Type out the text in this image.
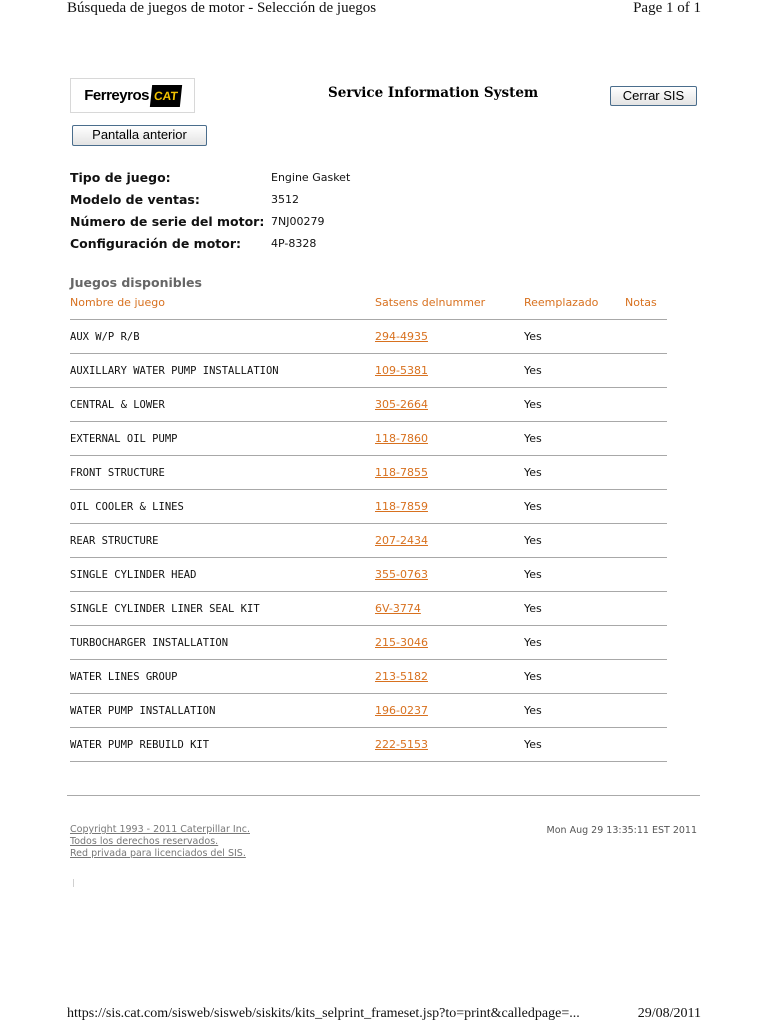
Búsqueda de juegos de motor - Selección de juegos	Page 1 of 1
Ferreyros CAT	Service Information System	Cerrar SIS
Pantalla anterior
Tipo de juego:	Engine Gasket
Modelo de ventas:	3512
Número de serie del motor: 7NJ00279
Configuración de motor:	4P-8328
Juegos disponibles
Nombre de juego	Satsens delnummer	Reemplazado Notas
AUX W/P R/B	294-4935	Yes
AUXILLARY WATER PUMP INSTALLATION	109-5381	Yes
CENTRAL & LOWER	305-2664	Yes
EXTERNAL OIL PUMP	118-7860	Yes
FRONT STRUCTURE	118-7855	Yes
OIL COOLER & LINES	118-7859	Yes
REAR STRUCTURE	207-2434	Yes
SINGLE CYLINDER HEAD	355-0763	Yes
SINGLE CYLINDER LINER SEAL KIT	6V-3774	Yes
TURBOCHARGER INSTALLATION	215-3046	Yes
WATER LINES GROUP	213-5182	Yes
WATER PUMP INSTALLATION	196-0237	Yes
WATER PUMP REBUILD KIT	222-5153	Yes
Copyright 1993 - 2011 Caterpillar Inc.
Todos los derechos reservados.
Red privada para licenciados del SIS.
Mon Aug 29 13:35:11 EST 2011
|
https://sis.cat.com/sisweb/sisweb/siskits/kits_selprint_frameset.jsp?to=print&calledpage=...	29/08/2011
